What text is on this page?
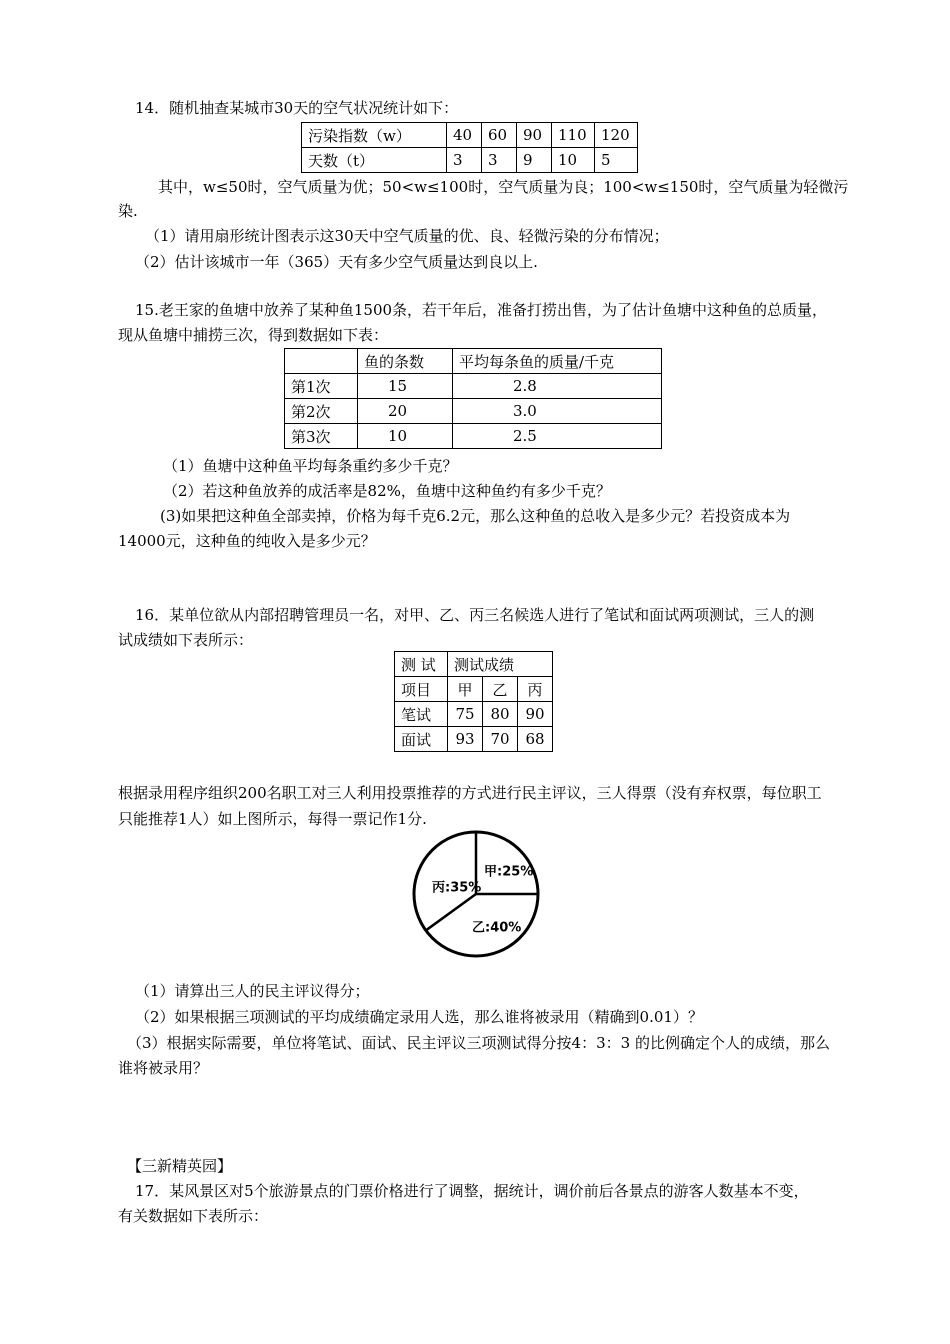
14．随机抽查某城市30天的空气状况统计如下：
污染指数（w）	40	60	90	110	120
天数（t）	3	3	9	10	5
其中，w≤50时，空气质量为优；50<w≤100时，空气质量为良；100<w≤150时，空气质量为轻微污
染.
（1）请用扇形统计图表示这30天中空气质量的优、良、轻微污染的分布情况；
（2）估计该城市一年（365）天有多少空气质量达到良以上.
15.老王家的鱼塘中放养了某种鱼1500条，若干年后，准备打捞出售，为了估计鱼塘中这种鱼的总质量，
现从鱼塘中捕捞三次，得到数据如下表：
	鱼的条数	平均每条鱼的质量/千克
第1次	15	2.8
第2次	20	3.0
第3次	10	2.5
（1）鱼塘中这种鱼平均每条重约多少千克？
（2）若这种鱼放养的成活率是82%，鱼塘中这种鱼约有多少千克？
(3)如果把这种鱼全部卖掉，价格为每千克6.2元，那么这种鱼的总收入是多少元？若投资成本为
14000元，这种鱼的纯收入是多少元？
16．某单位欲从内部招聘管理员一名，对甲、乙、丙三名候选人进行了笔试和面试两项测试，三人的测
试成绩如下表所示：
测 试	测试成绩		
项目	甲	乙	丙
笔试	75	80	90
面试	93	70	68
根据录用程序组织200名职工对三人利用投票推荐的方式进行民主评议，三人得票（没有弃权票，每位职工
只能推荐1人）如上图所示，每得一票记作1分.
甲:25%
乙:40%
丙:35%
（1）请算出三人的民主评议得分；
（2）如果根据三项测试的平均成绩确定录用人选，那么谁将被录用（精确到0.01）？
（3）根据实际需要，单位将笔试、面试、民主评议三项测试得分按4：3：3 的比例确定个人的成绩，那么
谁将被录用？
【三新精英园】
17．某风景区对5个旅游景点的门票价格进行了调整，据统计，调价前后各景点的游客人数基本不变，
有关数据如下表所示：
